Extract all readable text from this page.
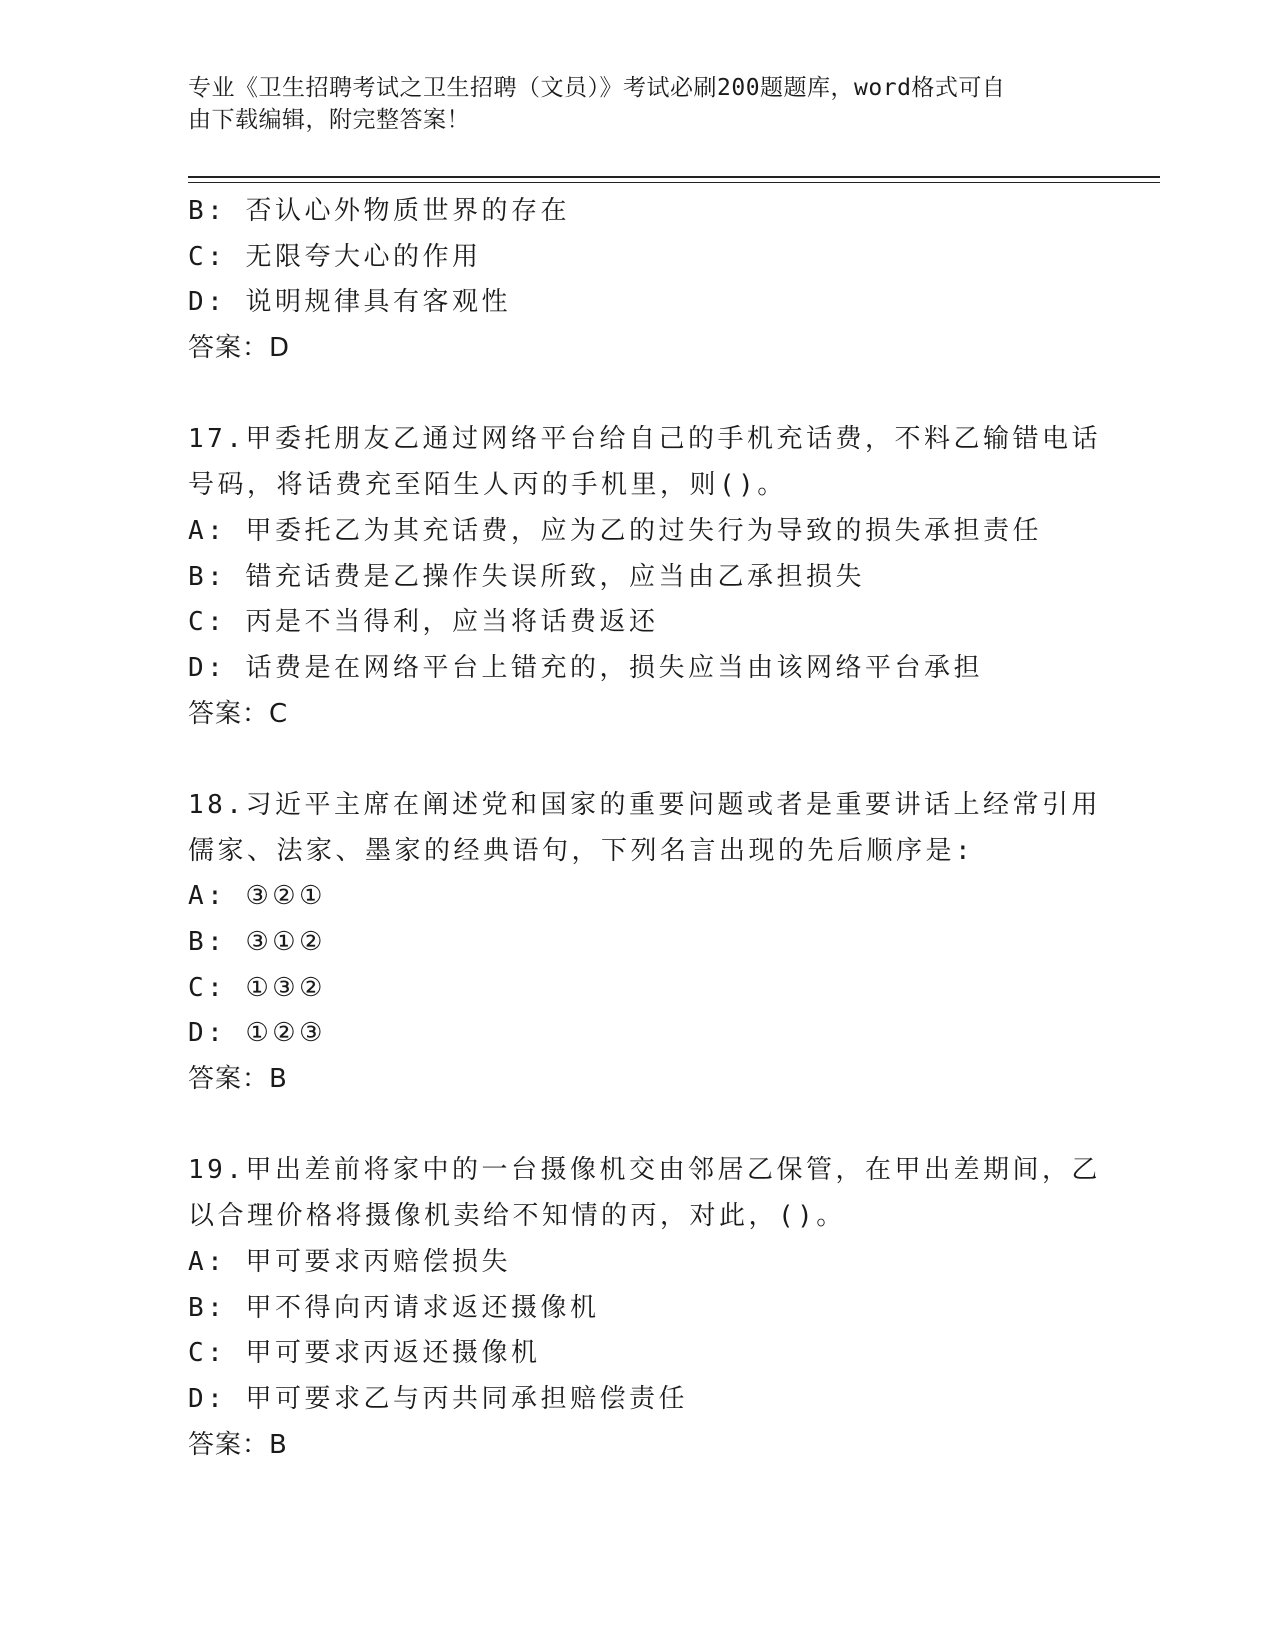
专业《卫生招聘考试之卫生招聘（文员）》考试必刷200题题库，word格式可自
由下载编辑，附完整答案！
B: 否认心外物质世界的存在
C: 无限夸大心的作用
D: 说明规律具有客观性
答案：D
17.甲委托朋友乙通过网络平台给自己的手机充话费，不料乙输错电话
号码，将话费充至陌生人丙的手机里，则()。
A: 甲委托乙为其充话费，应为乙的过失行为导致的损失承担责任
B: 错充话费是乙操作失误所致，应当由乙承担损失
C: 丙是不当得利，应当将话费返还
D: 话费是在网络平台上错充的，损失应当由该网络平台承担
答案：C
18.习近平主席在阐述党和国家的重要问题或者是重要讲话上经常引用
儒家、法家、墨家的经典语句，下列名言出现的先后顺序是:
A: ③②①
B: ③①②
C: ①③②
D: ①②③
答案：B
19.甲出差前将家中的一台摄像机交由邻居乙保管，在甲出差期间，乙
以合理价格将摄像机卖给不知情的丙，对此，()。
A: 甲可要求丙赔偿损失
B: 甲不得向丙请求返还摄像机
C: 甲可要求丙返还摄像机
D: 甲可要求乙与丙共同承担赔偿责任
答案：B
